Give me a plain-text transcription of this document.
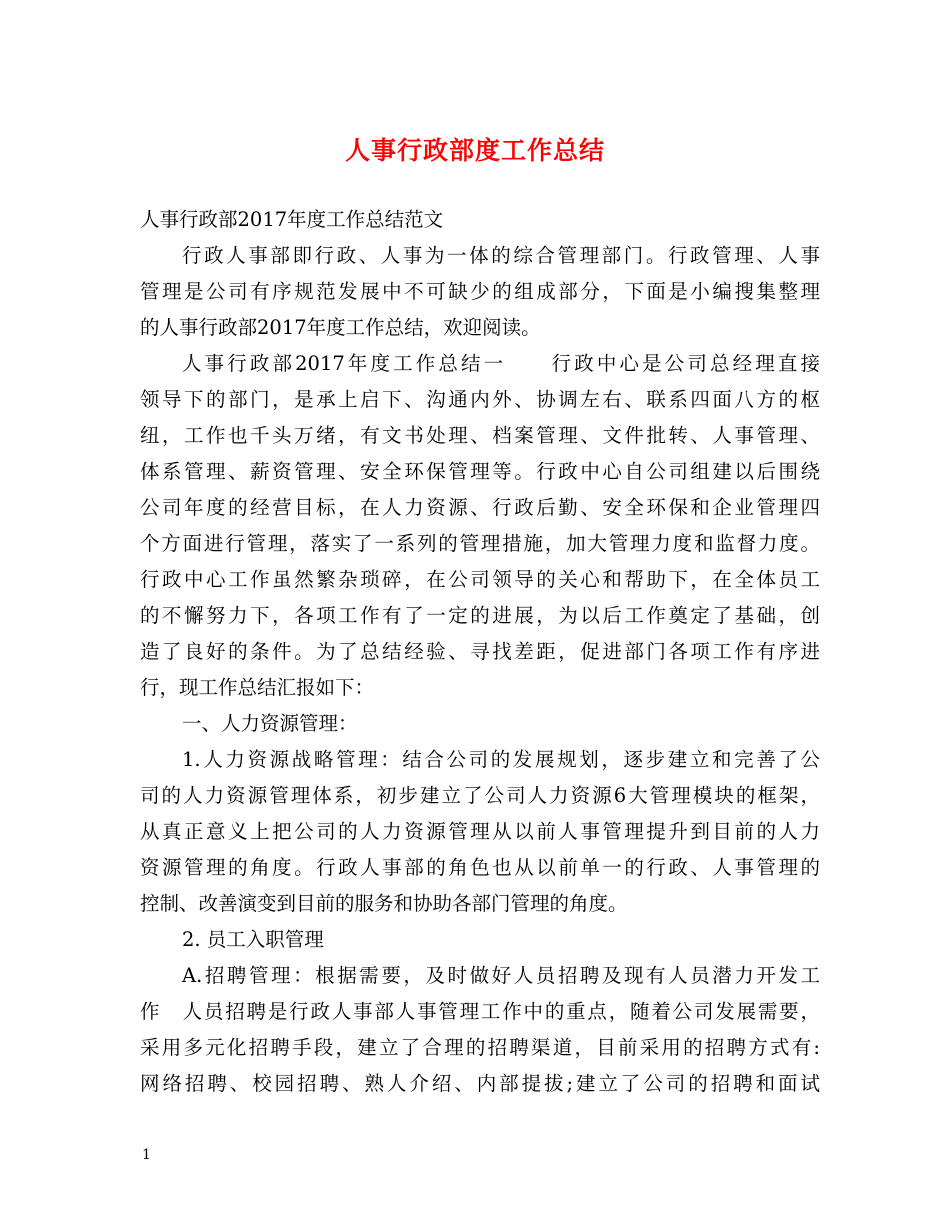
人事行政部度工作总结
人事行政部2017年度工作总结范文
行政人事部即行政、人事为一体的综合管理部门。行政管理、人事
管理是公司有序规范发展中不可缺少的组成部分，下面是小编搜集整理
的人事行政部2017年度工作总结，欢迎阅读。
人事行政部2017年度工作总结一　　行政中心是公司总经理直接
领导下的部门，是承上启下、沟通内外、协调左右、联系四面八方的枢
纽，工作也千头万绪，有文书处理、档案管理、文件批转、人事管理、
体系管理、薪资管理、安全环保管理等。行政中心自公司组建以后围绕
公司年度的经营目标，在人力资源、行政后勤、安全环保和企业管理四
个方面进行管理，落实了一系列的管理措施，加大管理力度和监督力度。
行政中心工作虽然繁杂琐碎，在公司领导的关心和帮助下，在全体员工
的不懈努力下，各项工作有了一定的进展，为以后工作奠定了基础，创
造了良好的条件。为了总结经验、寻找差距，促进部门各项工作有序进
行，现工作总结汇报如下：
一、人力资源管理：
1.人力资源战略管理：结合公司的发展规划，逐步建立和完善了公
司的人力资源管理体系，初步建立了公司人力资源6大管理模块的框架，
从真正意义上把公司的人力资源管理从以前人事管理提升到目前的人力
资源管理的角度。行政人事部的角色也从以前单一的行政、人事管理的
控制、改善演变到目前的服务和协助各部门管理的角度。
2. 员工入职管理
A.招聘管理：根据需要，及时做好人员招聘及现有人员潜力开发工
作　人员招聘是行政人事部人事管理工作中的重点，随着公司发展需要，
采用多元化招聘手段，建立了合理的招聘渠道，目前采用的招聘方式有:
网络招聘、校园招聘、熟人介绍、内部提拔;建立了公司的招聘和面试
1
